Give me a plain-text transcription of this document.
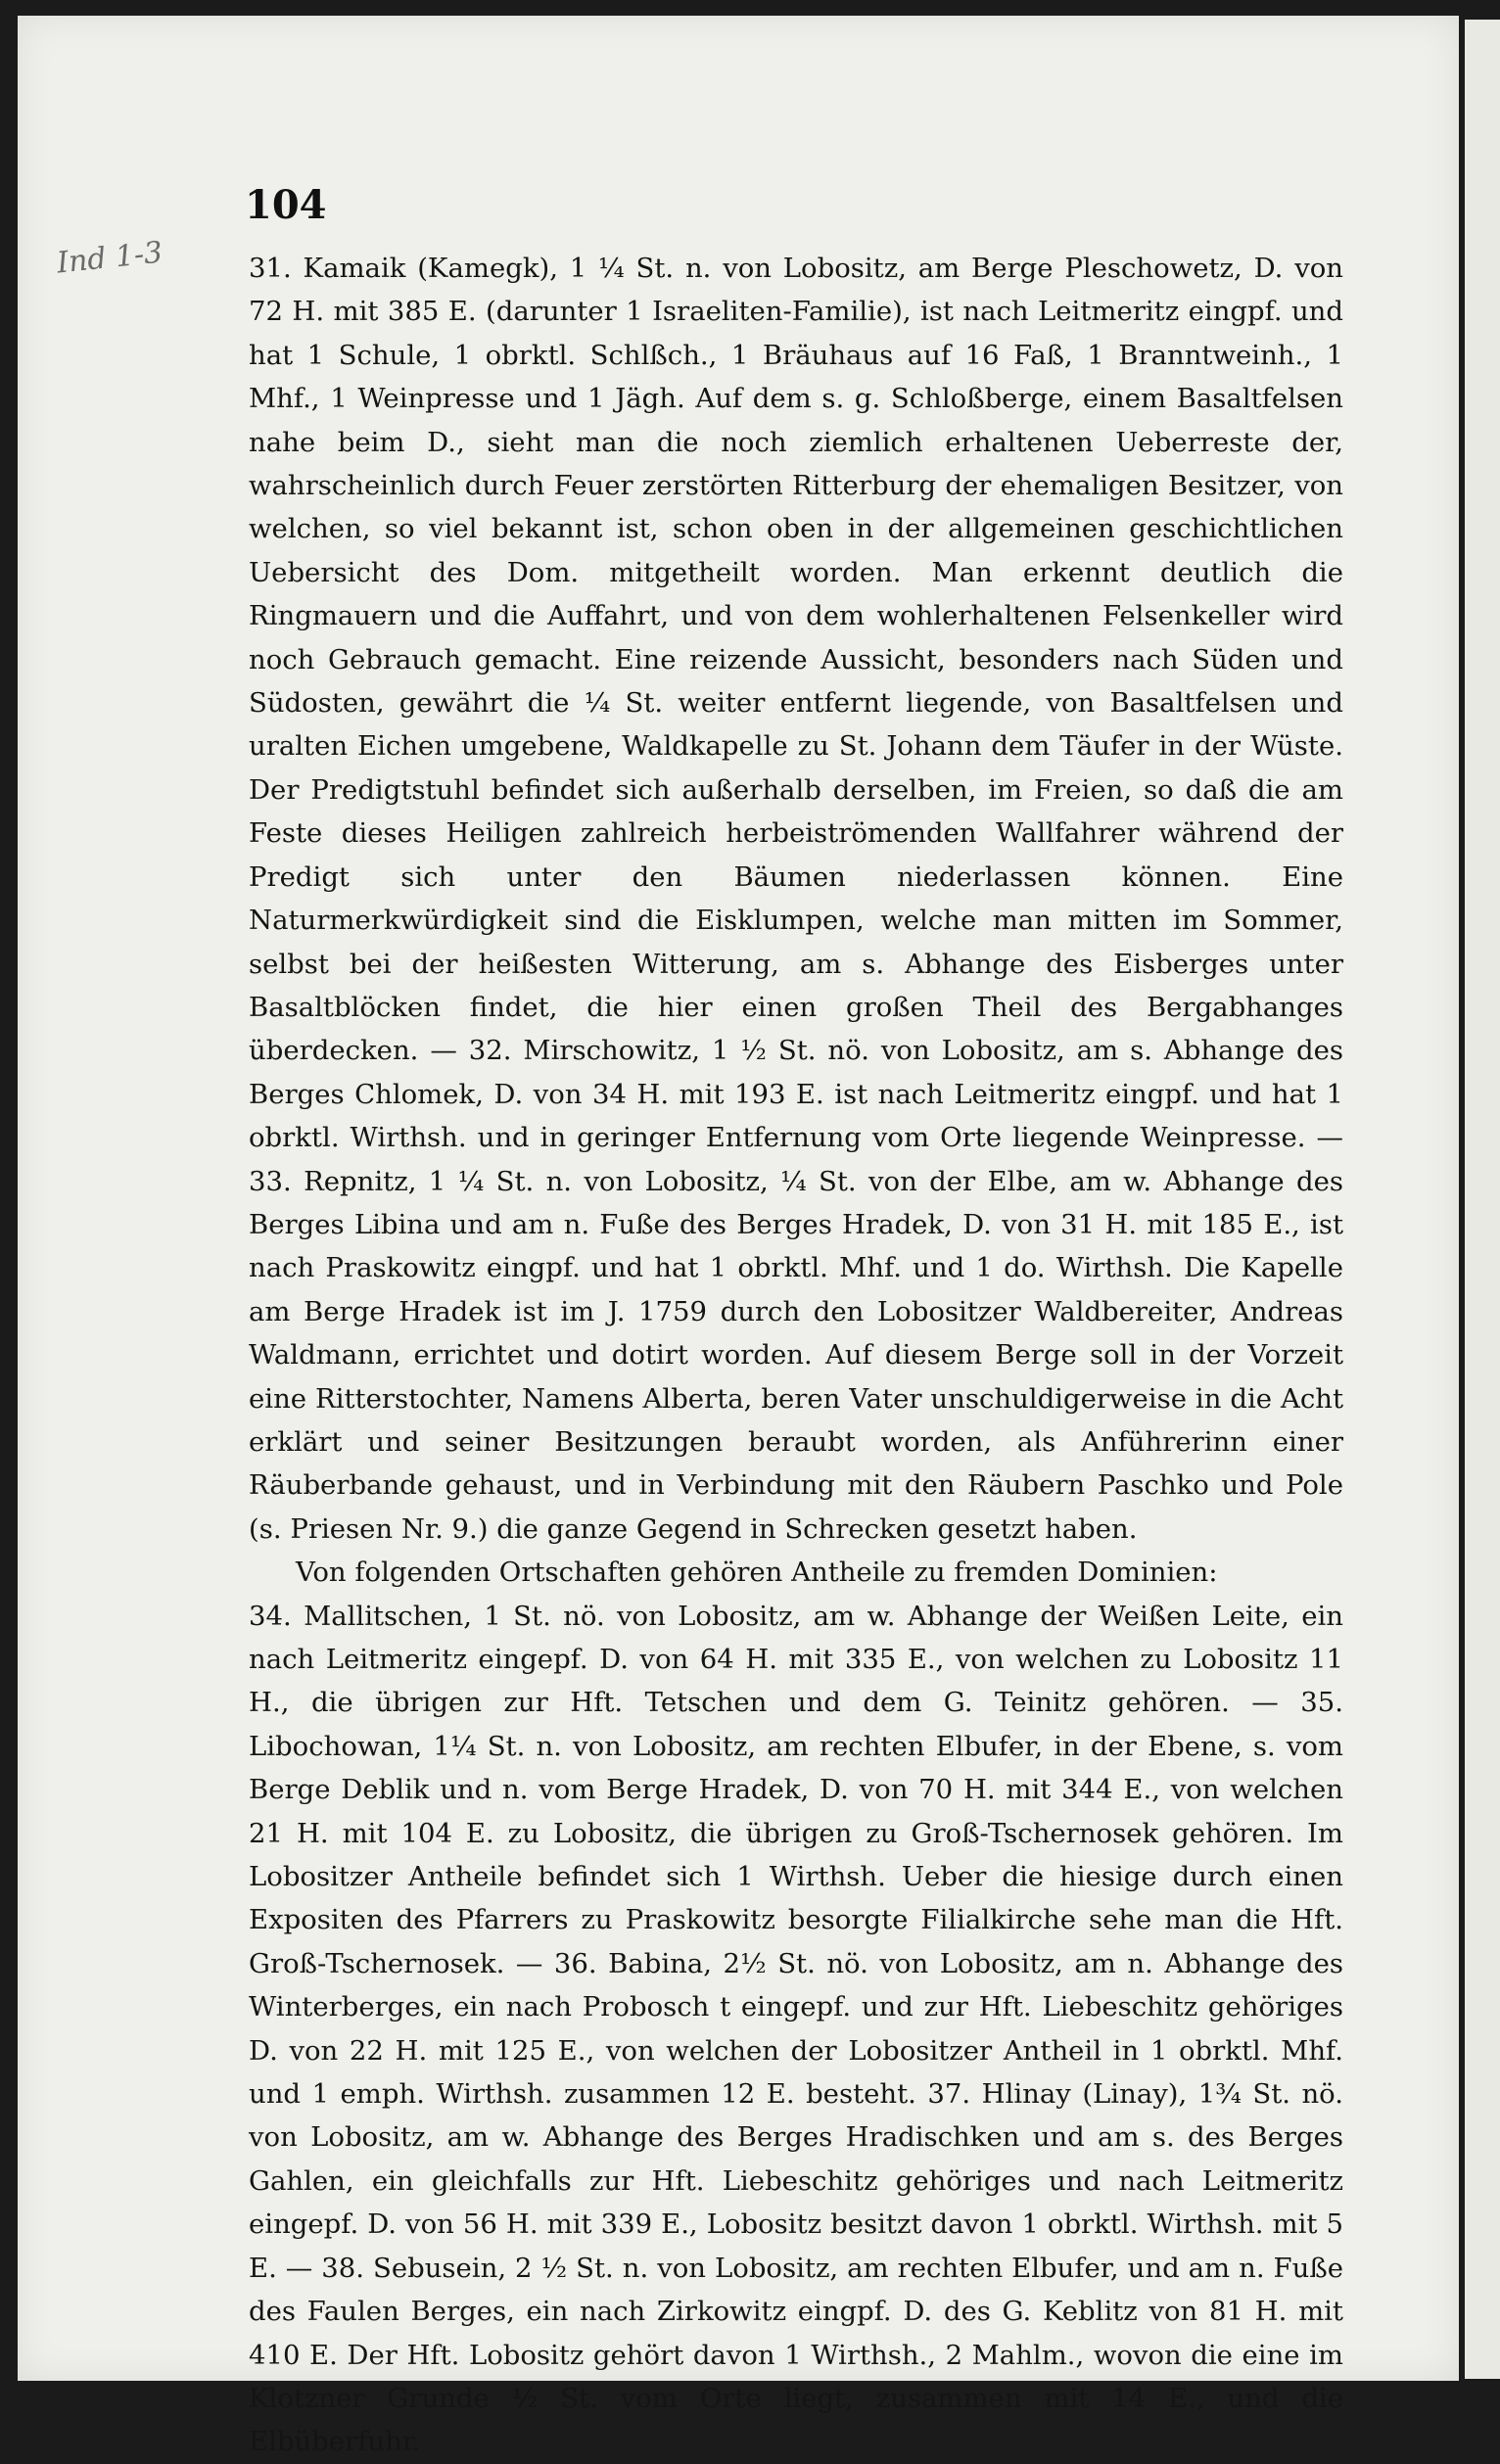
104
Ind 1-3	31. Kamaik (Kamegk), 1 ¼ St. n. von Lobositz, am Berge Pleschowetz, D. von 72 H. mit 385 E. (darunter 1 Israeliten-Familie), ist nach Leitmeritz eingpf. und hat 1 Schule, 1 obrktl. Schlßch., 1 Bräuhaus auf 16 Faß, 1 Branntweinh., 1 Mhf., 1 Weinpresse und 1 Jägh. Auf dem s. g. Schloßberge, einem Basaltfelsen nahe beim D., sieht man die noch ziemlich erhaltenen Ueberreste der, wahrscheinlich durch Feuer zerstörten Ritterburg der ehemaligen Besitzer, von welchen, so viel bekannt ist, schon oben in der allgemeinen geschichtlichen Uebersicht des Dom. mitgetheilt worden. Man erkennt deutlich die Ringmauern und die Auffahrt, und von dem wohlerhaltenen Felsenkeller wird noch Gebrauch gemacht. Eine reizende Aussicht, besonders nach Süden und Südosten, gewährt die ¼ St. weiter entfernt liegende, von Basaltfelsen und uralten Eichen umgebene, Waldkapelle zu St. Johann dem Täufer in der Wüste. Der Predigtstuhl befindet sich außerhalb derselben, im Freien, so daß die am Feste dieses Heiligen zahlreich herbeiströmenden Wallfahrer während der Predigt sich unter den Bäumen niederlassen können. Eine Naturmerkwürdigkeit sind die Eisklumpen, welche man mitten im Sommer, selbst bei der heißesten Witterung, am s. Abhange des Eisberges unter Basaltblöcken findet, die hier einen großen Theil des Bergabhanges überdecken. — 32. Mirschowitz, 1 ½ St. nö. von Lobositz, am s. Abhange des Berges Chlomek, D. von 34 H. mit 193 E. ist nach Leitmeritz eingpf. und hat 1 obrktl. Wirthsh. und in geringer Entfernung vom Orte liegende Weinpresse. — 33. Repnitz, 1 ¼ St. n. von Lobositz, ¼ St. von der Elbe, am w. Abhange des Berges Libina und am n. Fuße des Berges Hradek, D. von 31 H. mit 185 E., ist nach Praskowitz eingpf. und hat 1 obrktl. Mhf. und 1 do. Wirthsh. Die Kapelle am Berge Hradek ist im J. 1759 durch den Lobositzer Waldbereiter, Andreas Waldmann, errichtet und dotirt worden. Auf diesem Berge soll in der Vorzeit eine Ritterstochter, Namens Alberta, beren Vater unschuldigerweise in die Acht erklärt und seiner Besitzungen beraubt worden, als Anführerinn einer Räuberbande gehaust, und in Verbindung mit den Räubern Paschko und Pole (s. Priesen Nr. 9.) die ganze Gegend in Schrecken gesetzt haben.

Von folgenden Ortschaften gehören Antheile zu fremden Dominien:

34. Mallitschen, 1 St. nö. von Lobositz, am w. Abhange der Weißen Leite, ein nach Leitmeritz eingepf. D. von 64 H. mit 335 E., von welchen zu Lobositz 11 H., die übrigen zur Hft. Tetschen und dem G. Teinitz gehören. — 35. Libochowan, 1¼ St. n. von Lobositz, am rechten Elbufer, in der Ebene, s. vom Berge Deblik und n. vom Berge Hradek, D. von 70 H. mit 344 E., von welchen 21 H. mit 104 E. zu Lobositz, die übrigen zu Groß-Tschernosek gehören. Im Lobositzer Antheile befindet sich 1 Wirthsh. Ueber die hiesige durch einen Expositen des Pfarrers zu Praskowitz besorgte Filialkirche sehe man die Hft. Groß-Tschernosek. — 36. Babina, 2½ St. nö. von Lobositz, am n. Abhange des Winterberges, ein nach Probosch t eingepf. und zur Hft. Liebeschitz gehöriges D. von 22 H. mit 125 E., von welchen der Lobositzer Antheil in 1 obrktl. Mhf. und 1 emph. Wirthsh. zusammen 12 E. besteht. 37. Hlinay (Linay), 1¾ St. nö. von Lobositz, am w. Abhange des Berges Hradischken und am s. des Berges Gahlen, ein gleichfalls zur Hft. Liebeschitz gehöriges und nach Leitmeritz eingepf. D. von 56 H. mit 339 E., Lobositz besitzt davon 1 obrktl. Wirthsh. mit 5 E. — 38. Sebusein, 2 ½ St. n. von Lobositz, am rechten Elbufer, und am n. Fuße des Faulen Berges, ein nach Zirkowitz eingpf. D. des G. Keblitz von 81 H. mit 410 E. Der Hft. Lobositz gehört davon 1 Wirthsh., 2 Mahlm., wovon die eine im Klotzner Grunde ½ St. vom Orte liegt, zusammen mit 14 E., und die Elbüberfuhr.
